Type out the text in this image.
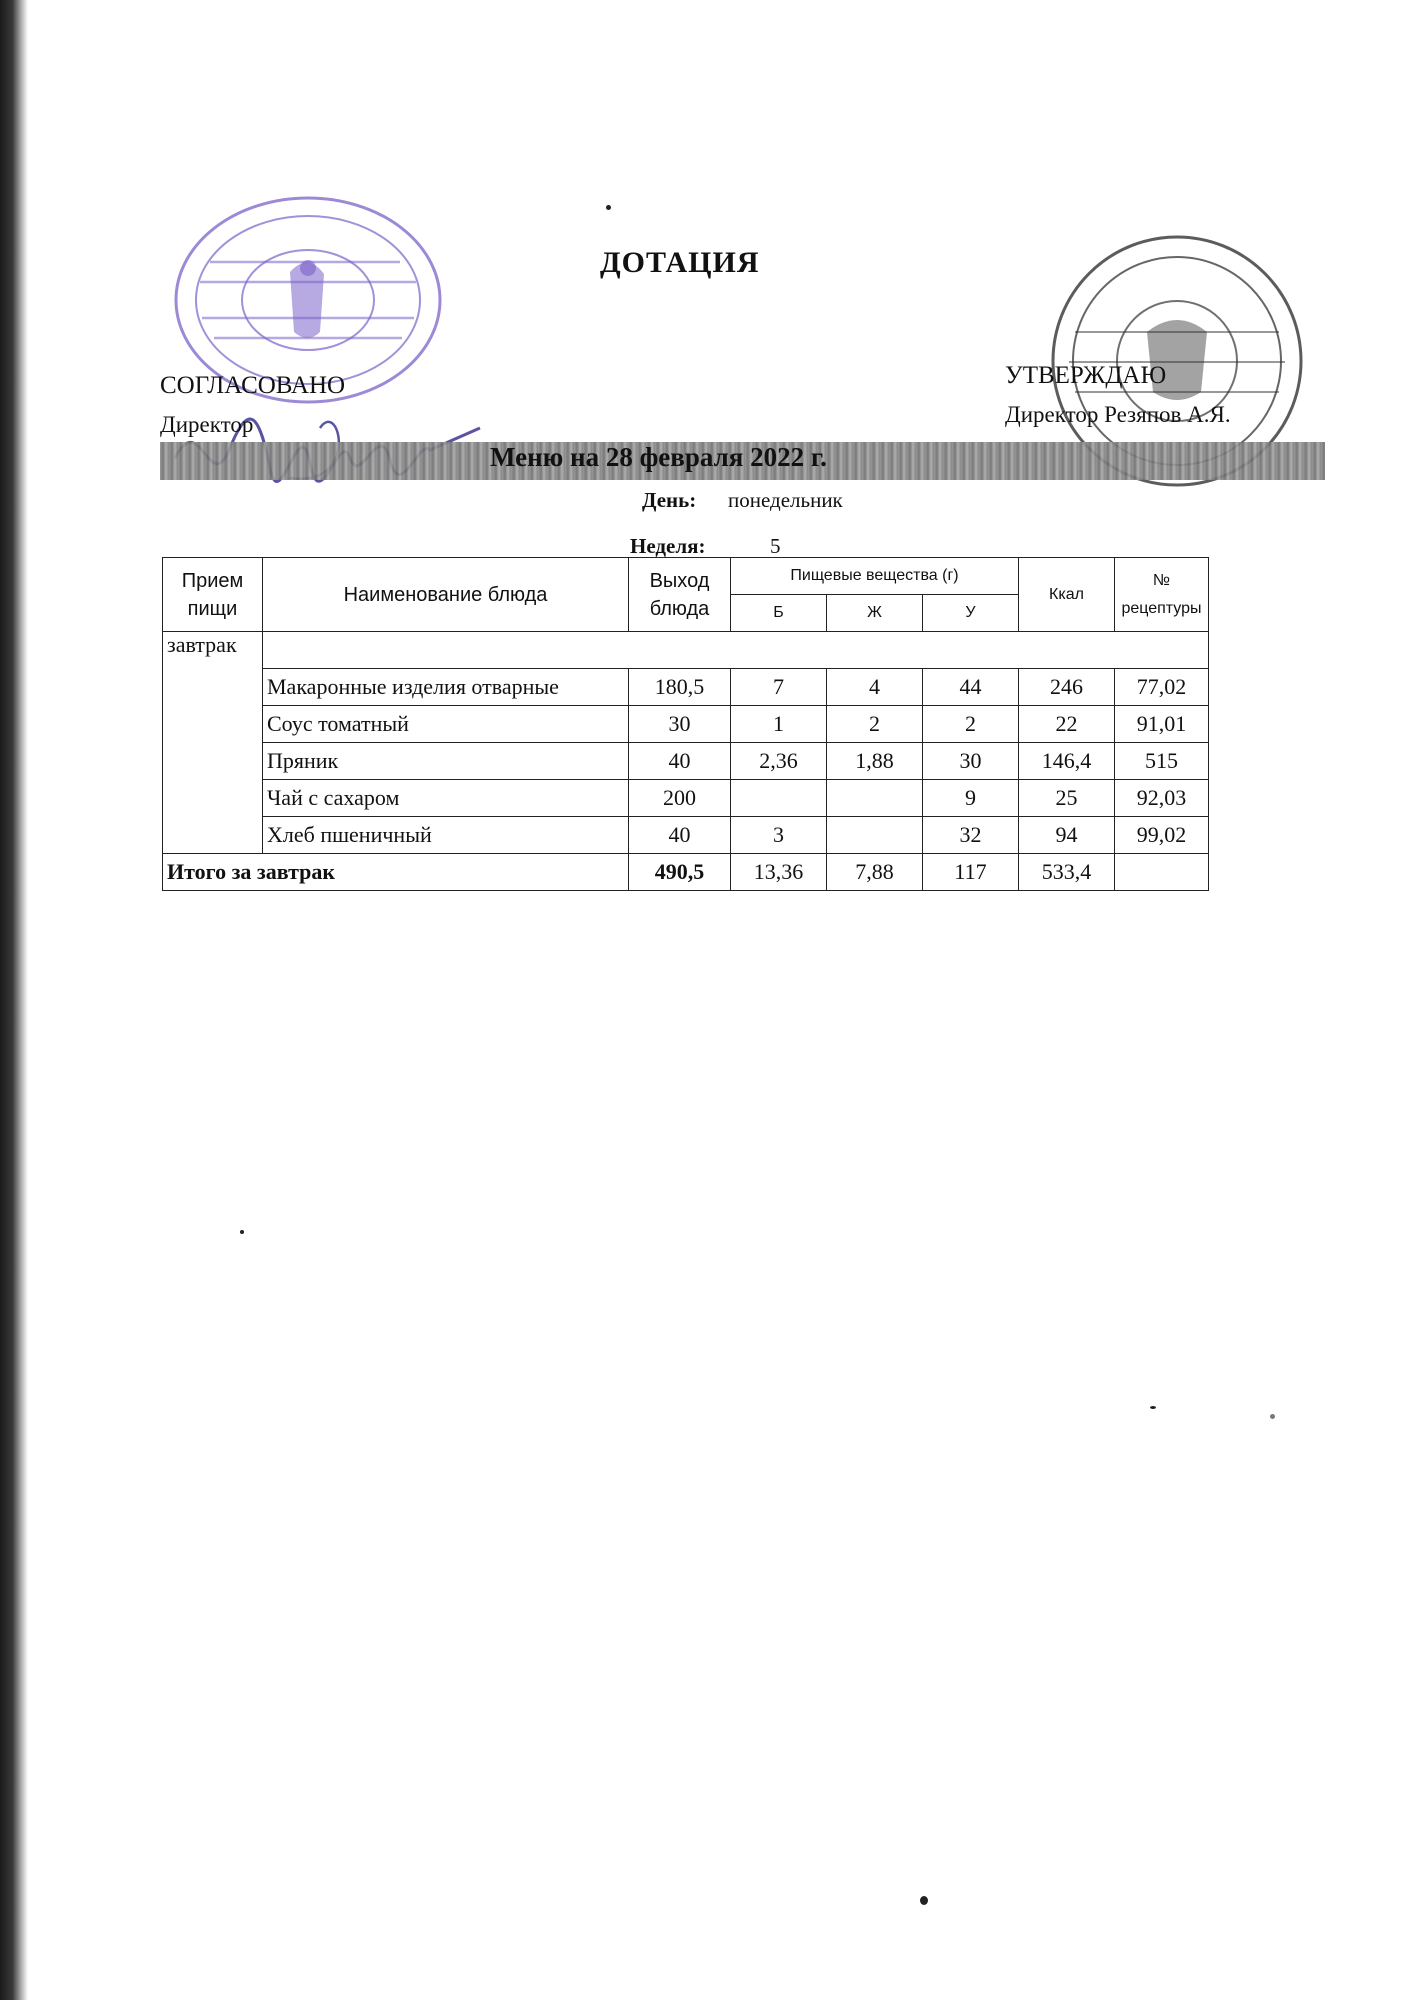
ДОТАЦИЯ
СОГЛАСОВАНО
Директор
УТВЕРЖДАЮ
Директор Резяпов А.Я.
Меню на 28 февраля 2022 г.
День: понедельник
Неделя:	5
Прием пищи	Наименование блюда	Выход блюда	Пищевые вещества (г)			Ккал	№ рецептуры
			Б	Ж	У		
завтрак							
	Макаронные изделия отварные	180,5	7	4	44	246	77,02
	Соус томатный	30	1	2	2	22	91,01
	Пряник	40	2,36	1,88	30	146,4	515
	Чай с сахаром	200			9	25	92,03
	Хлеб пшеничный	40	3		32	94	99,02
Итого за завтрак		490,5	13,36	7,88	117	533,4	
